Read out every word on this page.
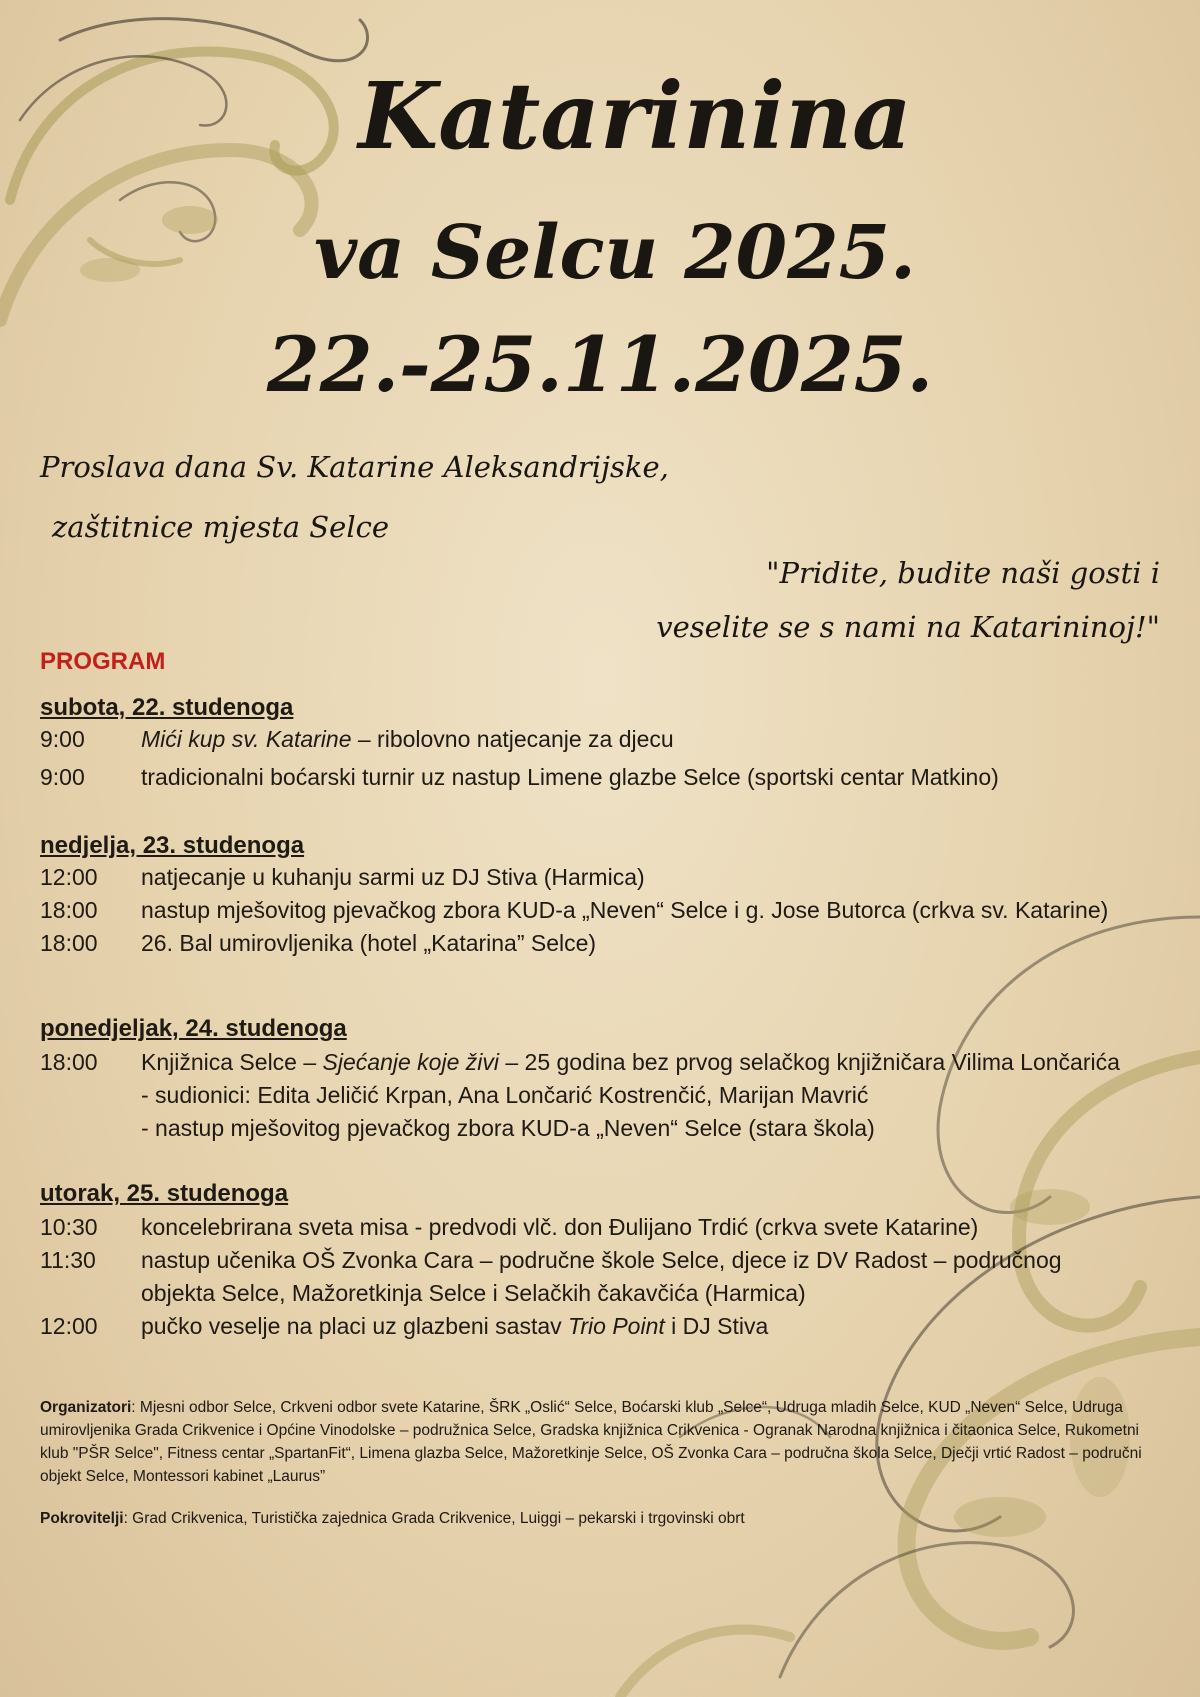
Katarinina
va Selcu 2025.
22.-25.11.2025.
Proslava dana Sv. Katarine Aleksandrijske,
zaštitnice mjesta Selce
"Pridite, budite naši gosti i
veselite se s nami na Katarininoj!"
PROGRAM
subota, 22. studenoga
9:00 Mići kup sv. Katarine – ribolovno natjecanje za djecu
9:00 tradicionalni boćarski turnir uz nastup Limene glazbe Selce (sportski centar Matkino)
nedjelja, 23. studenoga
12:00 natjecanje u kuhanju sarmi uz DJ Stiva (Harmica)
18:00 nastup mješovitog pjevačkog zbora KUD-a „Neven“ Selce i g. Jose Butorca (crkva sv. Katarine)
18:00 26. Bal umirovljenika (hotel „Katarina” Selce)
ponedjeljak, 24. studenoga
18:00 Knjižnica Selce – Sjećanje koje živi – 25 godina bez prvog selačkog knjižničara Vilima Lončarića
- sudionici: Edita Jeličić Krpan, Ana Lončarić Kostrenčić, Marijan Mavrić
- nastup mješovitog pjevačkog zbora KUD-a „Neven“ Selce (stara škola)
utorak, 25. studenoga
10:30 koncelebrirana sveta misa - predvodi vlč. don Đulijano Trdić (crkva svete Katarine)
11:30 nastup učenika OŠ Zvonka Cara – područne škole Selce, djece iz DV Radost – područnog
objekta Selce, Mažoretkinja Selce i Selačkih čakavčića (Harmica)
12:00 pučko veselje na placi uz glazbeni sastav Trio Point i DJ Stiva
Organizatori: Mjesni odbor Selce, Crkveni odbor svete Katarine, ŠRK „Oslić“ Selce, Boćarski klub „Selce“, Udruga mladih Selce, KUD „Neven“ Selce, Udruga umirovljenika Grada Crikvenice i Općine Vinodolske – podružnica Selce, Gradska knjižnica Crikvenica - Ogranak Narodna knjižnica i čitaonica Selce, Rukometni klub "PŠR Selce", Fitness centar „SpartanFit“, Limena glazba Selce, Mažoretkinje Selce, OŠ Zvonka Cara – područna škola Selce, Dječji vrtić Radost – područni objekt Selce, Montessori kabinet „Laurus”
Pokrovitelji: Grad Crikvenica, Turistička zajednica Grada Crikvenice, Luiggi – pekarski i trgovinski obrt
